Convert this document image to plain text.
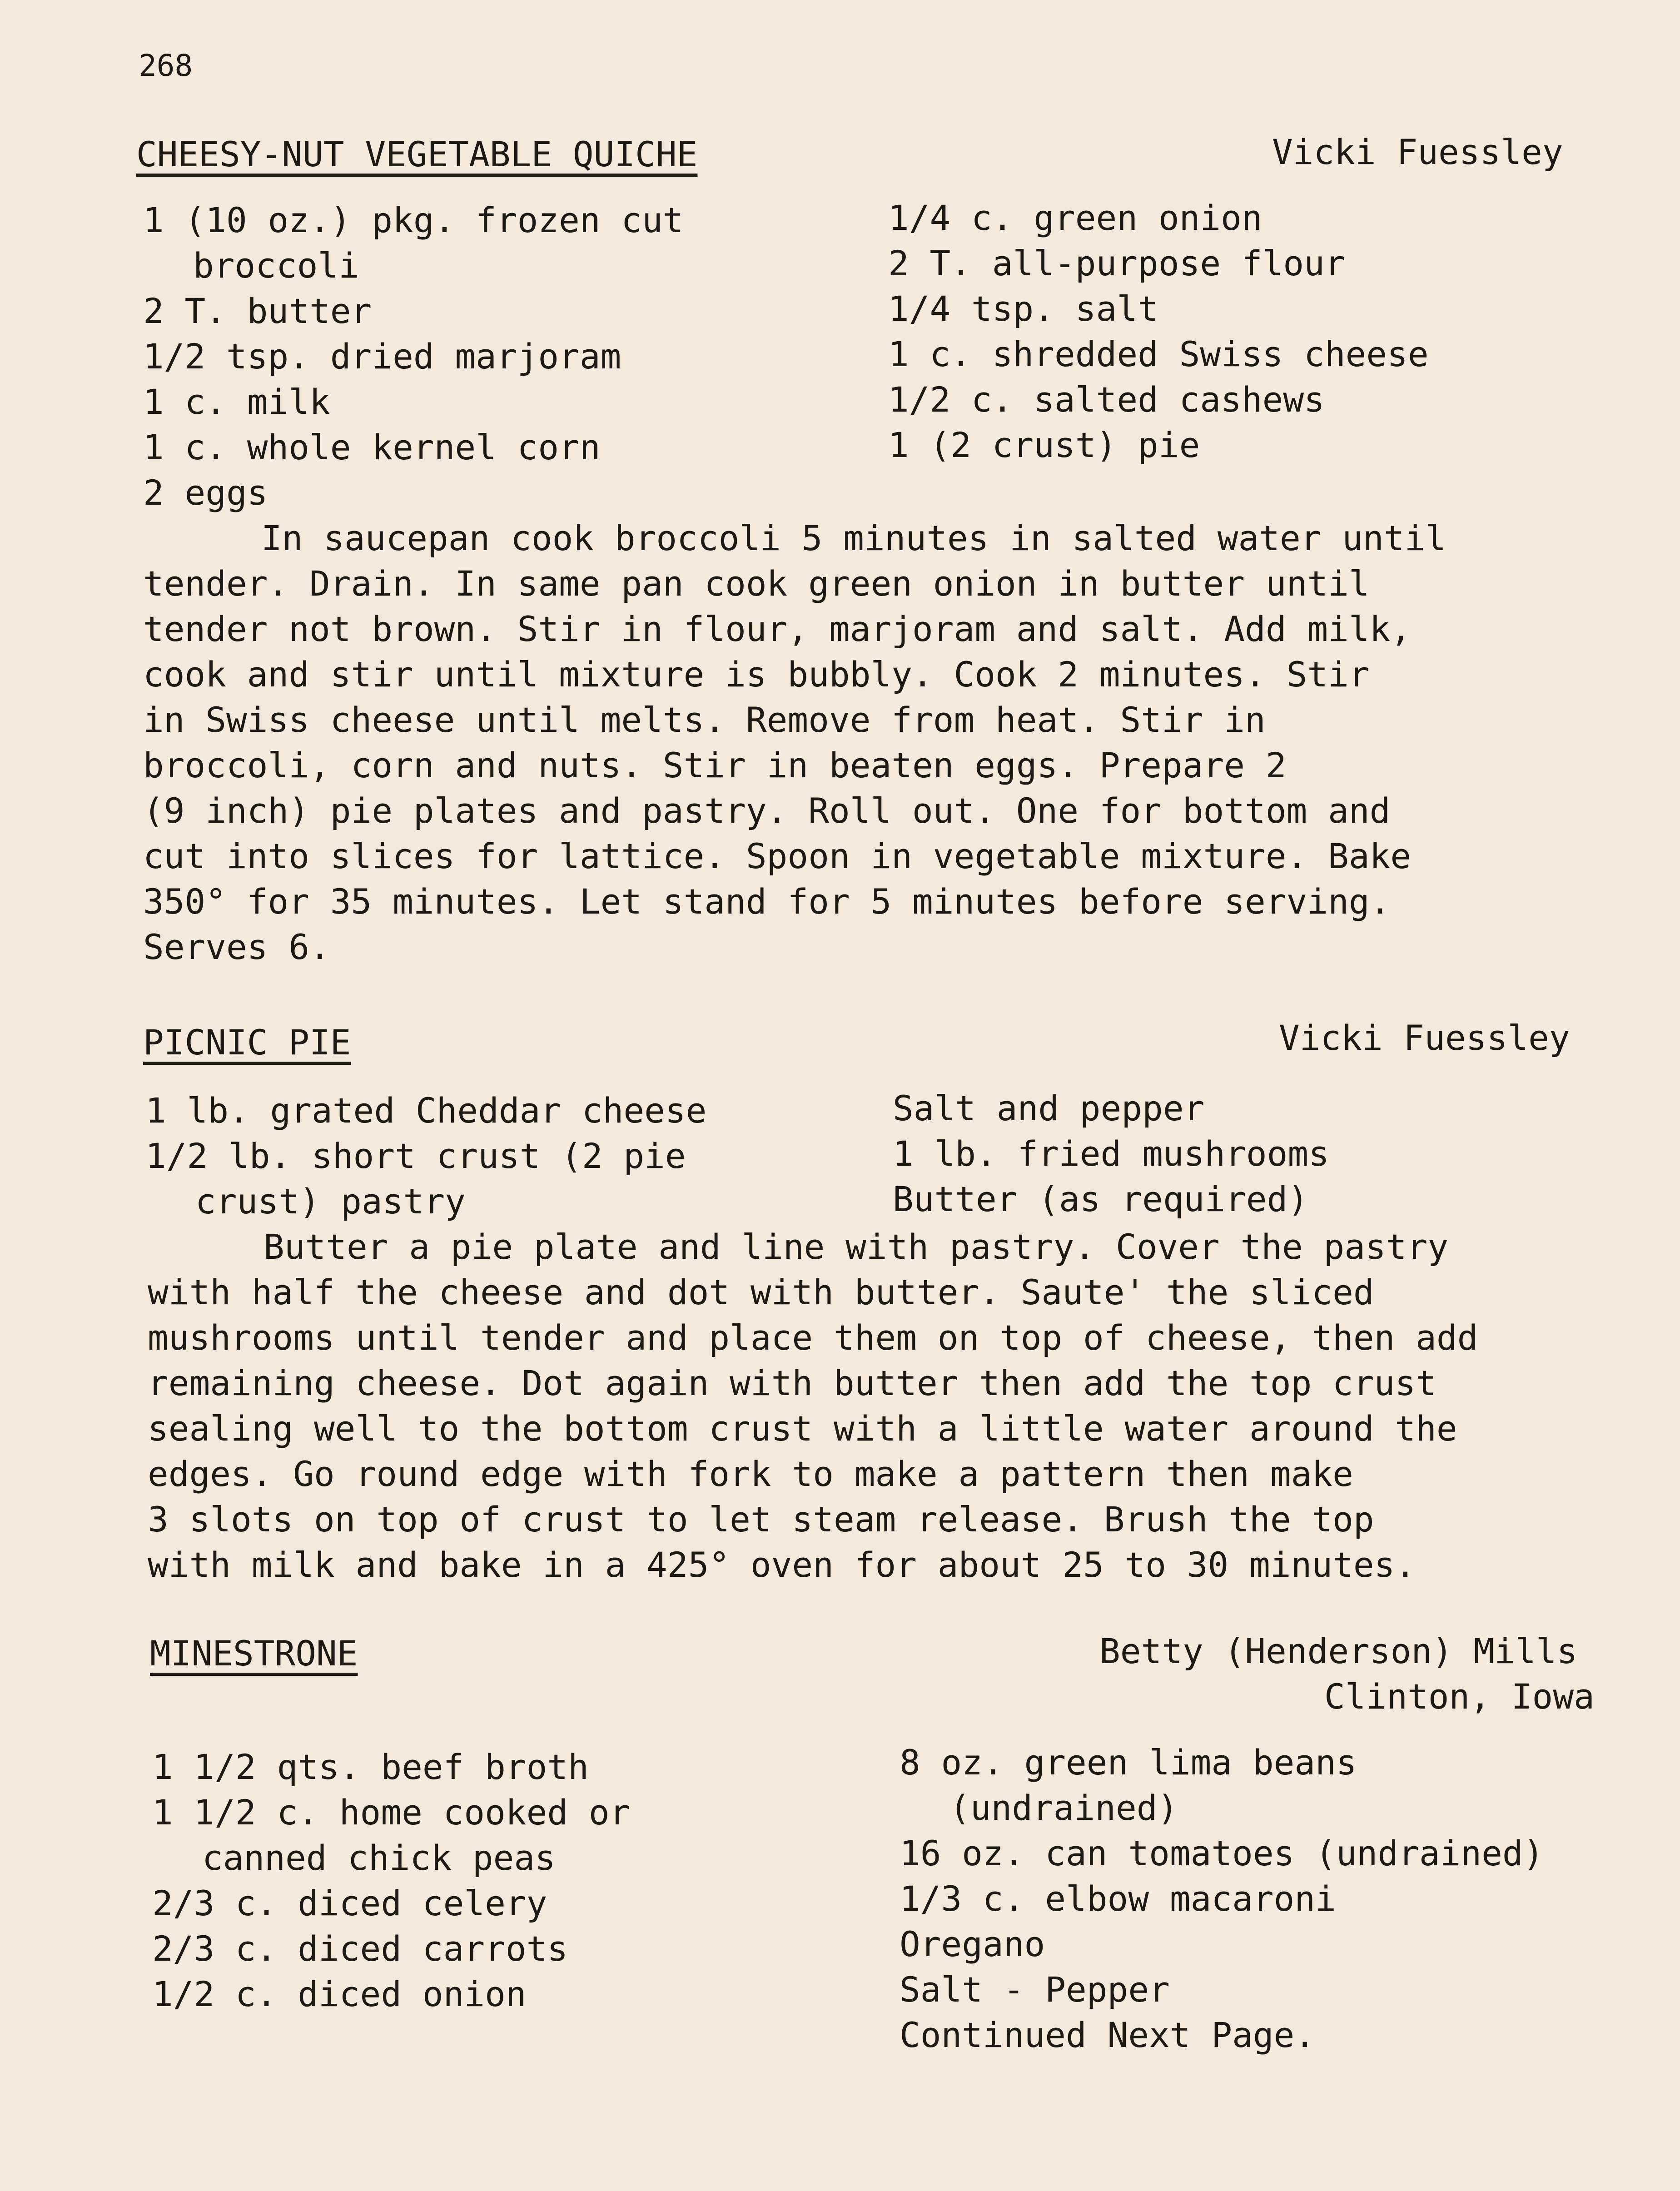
268
CHEESY-NUT VEGETABLE QUICHE	Vicki Fuessley
1 (10 oz.) pkg. frozen cut
broccoli
2 T. butter
1/2 tsp. dried marjoram
1 c. milk
1 c. whole kernel corn
2 eggs
1/4 c. green onion
2 T. all-purpose flour
1/4 tsp. salt
1 c. shredded Swiss cheese
1/2 c. salted cashews
1 (2 crust) pie
In saucepan cook broccoli 5 minutes in salted water until
tender. Drain. In same pan cook green onion in butter until
tender not brown. Stir in flour, marjoram and salt. Add milk,
cook and stir until mixture is bubbly. Cook 2 minutes. Stir
in Swiss cheese until melts. Remove from heat. Stir in
broccoli, corn and nuts. Stir in beaten eggs. Prepare 2
(9 inch) pie plates and pastry. Roll out. One for bottom and
cut into slices for lattice. Spoon in vegetable mixture. Bake
350° for 35 minutes. Let stand for 5 minutes before serving.
Serves 6.
PICNIC PIE	Vicki Fuessley
1 lb. grated Cheddar cheese
1/2 lb. short crust (2 pie
crust) pastry
Salt and pepper
1 lb. fried mushrooms
Butter (as required)
Butter a pie plate and line with pastry. Cover the pastry
with half the cheese and dot with butter. Saute' the sliced
mushrooms until tender and place them on top of cheese, then add
remaining cheese. Dot again with butter then add the top crust
sealing well to the bottom crust with a little water around the
edges. Go round edge with fork to make a pattern then make
3 slots on top of crust to let steam release. Brush the top
with milk and bake in a 425° oven for about 25 to 30 minutes.
MINESTRONE	Betty (Henderson) Mills
Clinton, Iowa
1 1/2 qts. beef broth
1 1/2 c. home cooked or
canned chick peas
2/3 c. diced celery
2/3 c. diced carrots
1/2 c. diced onion
8 oz. green lima beans
(undrained)
16 oz. can tomatoes (undrained)
1/3 c. elbow macaroni
Oregano
Salt - Pepper
Continued Next Page.
